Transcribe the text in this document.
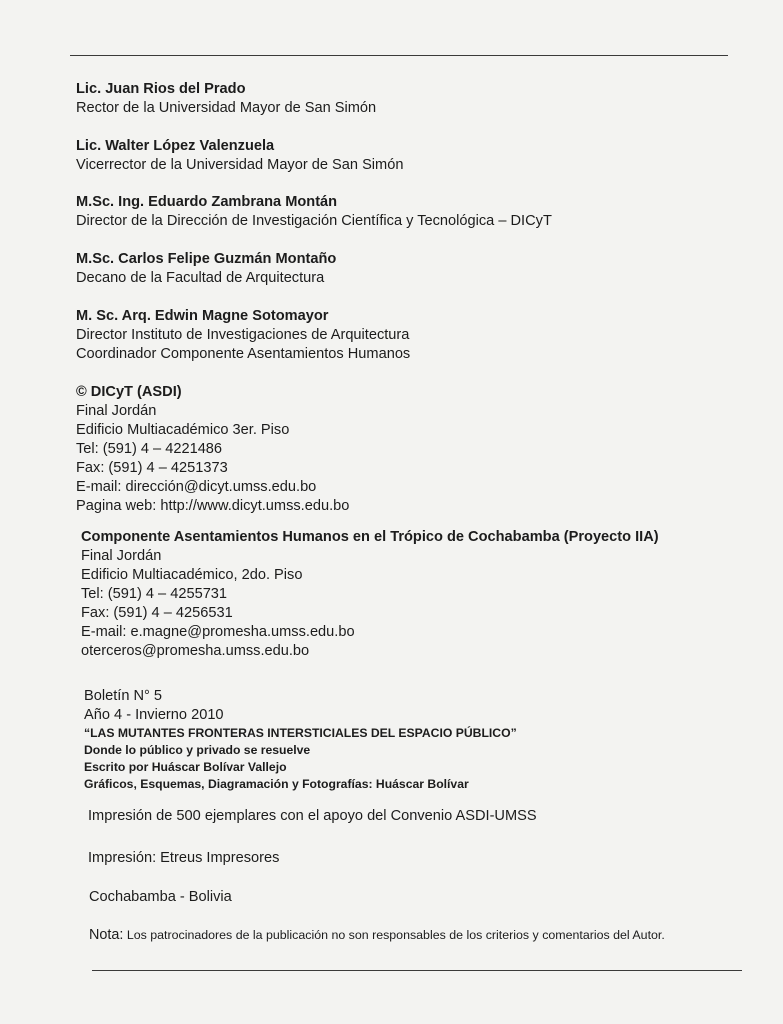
Lic. Juan Rios del Prado
Rector de la Universidad Mayor de San Simón
Lic. Walter López Valenzuela
Vicerrector de la Universidad Mayor de San Simón
M.Sc. Ing. Eduardo Zambrana Montán
Director de la Dirección de Investigación Científica y Tecnológica – DICyT
M.Sc. Carlos Felipe Guzmán Montaño
Decano de la Facultad de Arquitectura
M. Sc. Arq. Edwin Magne Sotomayor
Director Instituto de Investigaciones de Arquitectura
Coordinador Componente Asentamientos Humanos
© DICyT (ASDI)
Final Jordán
Edificio Multiacadémico 3er. Piso
Tel: (591) 4 – 4221486
Fax: (591) 4 – 4251373
E-mail: dirección@dicyt.umss.edu.bo
Pagina web: http://www.dicyt.umss.edu.bo
Componente Asentamientos Humanos en el Trópico de Cochabamba (Proyecto IIA)
Final Jordán
Edificio Multiacadémico, 2do. Piso
Tel: (591) 4 – 4255731
Fax: (591) 4 – 4256531
E-mail: e.magne@promesha.umss.edu.bo
oterceros@promesha.umss.edu.bo
Boletín N° 5
Año 4 - Invierno 2010
“LAS MUTANTES FRONTERAS INTERSTICIALES DEL ESPACIO PÚBLICO”
Donde lo público y privado se resuelve
Escrito por Huáscar Bolívar Vallejo
Gráficos, Esquemas, Diagramación y Fotografías: Huáscar Bolívar
Impresión de 500 ejemplares con el apoyo del Convenio ASDI-UMSS
Impresión: Etreus Impresores
Cochabamba - Bolivia
Nota: Los patrocinadores de la publicación no son responsables de los criterios y comentarios del Autor.
